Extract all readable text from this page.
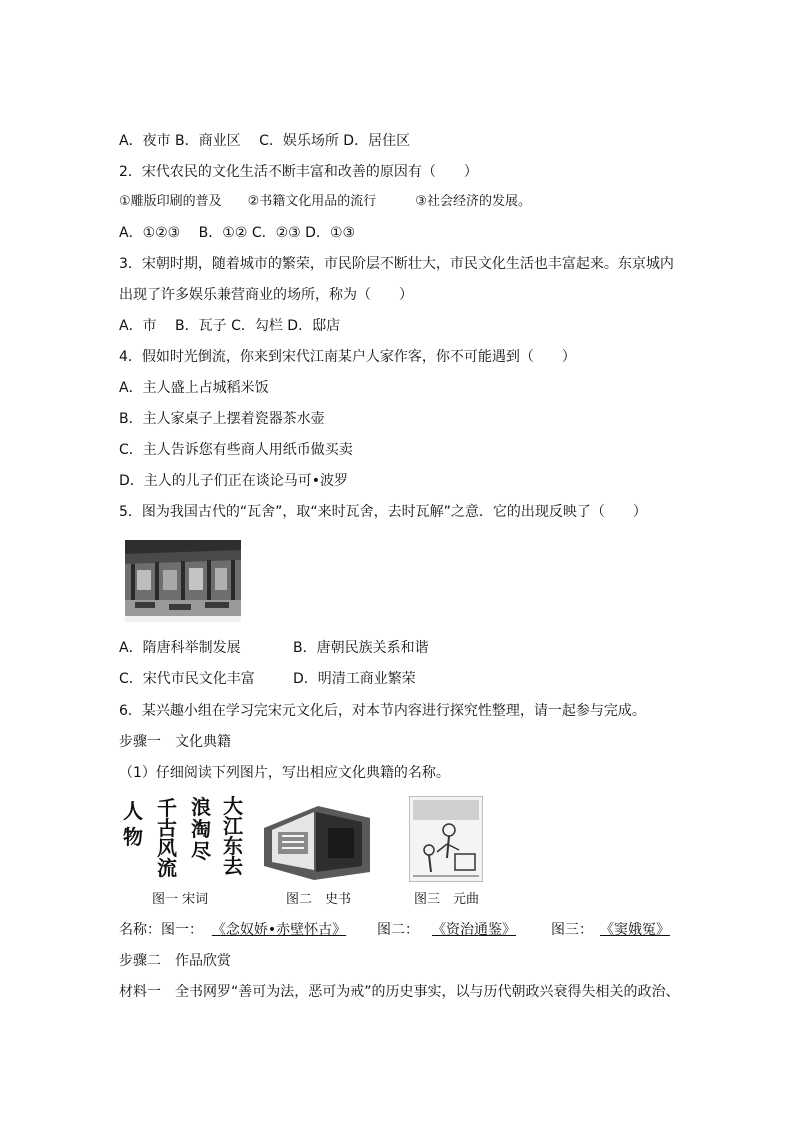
A．夜市 B．商业区 　C．娱乐场所 D．居住区
2．宋代农民的文化生活不断丰富和改善的原因有（　　）
①雕版印刷的普及　　②书籍文化用品的流行　　　③社会经济的发展。
A．①②③ 　B．①② C．②③ D．①③
3．宋朝时期，随着城市的繁荣，市民阶层不断壮大，市民文化生活也丰富起来。东京城内
出现了许多娱乐兼营商业的场所，称为（　　）
A．市 　B．瓦子 C．勾栏 D．邸店
4．假如时光倒流，你来到宋代江南某户人家作客，你不可能遇到（　　）
A．主人盛上占城稻米饭
B．主人家桌子上摆着瓷器茶水壶
C．主人告诉您有些商人用纸币做买卖
D．主人的儿子们正在谈论马可•波罗
5．图为我国古代的“瓦舍”，取“来时瓦舍，去时瓦解”之意．它的出现反映了（　　）
A．隋唐科举制发展	B．唐朝民族关系和谐
C．宋代市民文化丰富	D．明清工商业繁荣
6．某兴趣小组在学习完宋元文化后，对本节内容进行探究性整理，请一起参与完成。
步骤一　文化典籍
（1）仔细阅读下列图片，写出相应文化典籍的名称。
大江东去
浪淘尽
千古风流
人物
图一 宋词	图二　史书	图三　元曲
名称：图一： 《念奴娇•赤壁怀古》 图二： 《资治通鉴》	图三： 《窦娥冤》
步骤二　作品欣赏
材料一　全书网罗“善可为法，恶可为戒”的历史事实，以与历代朝政兴衰得失相关的政治、
